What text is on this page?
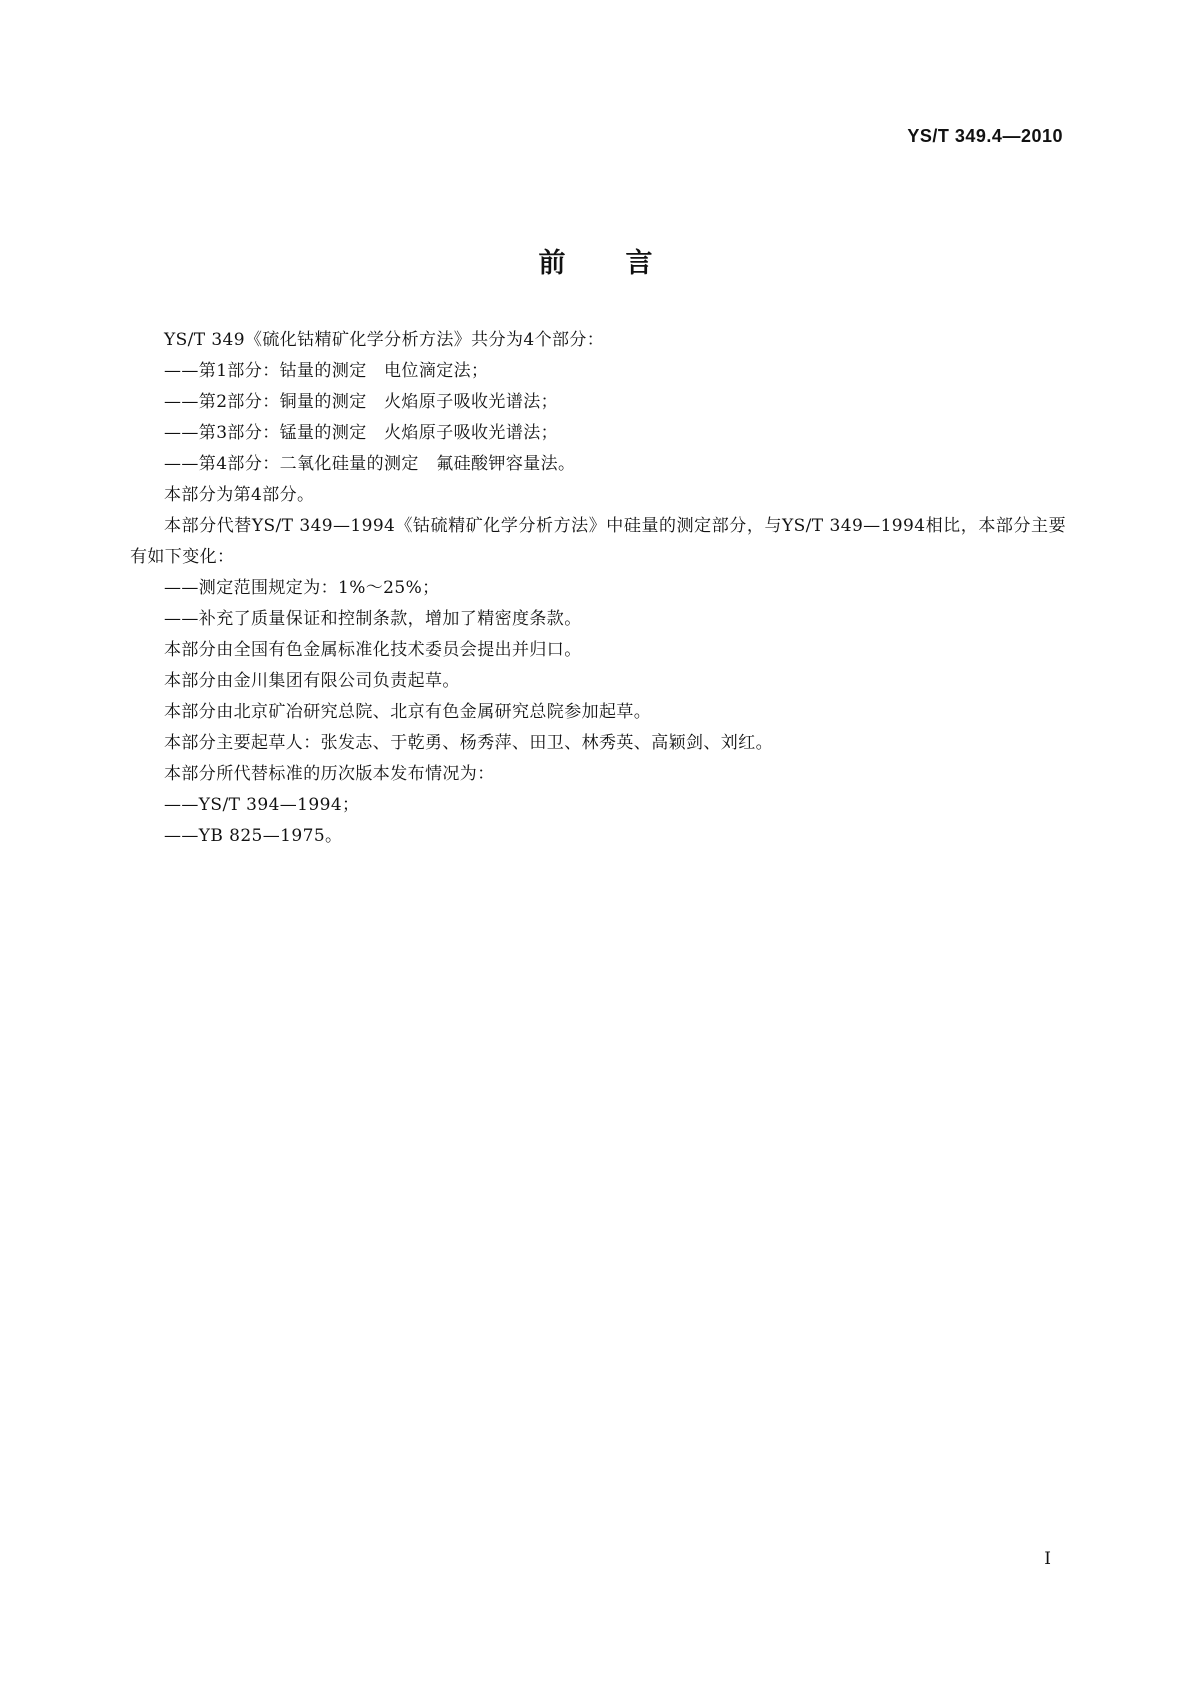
YS/T 349.4—2010
前言

YS/T 349《硫化钴精矿化学分析方法》共分为4个部分：

——第1部分：钴量的测定　电位滴定法；

——第2部分：铜量的测定　火焰原子吸收光谱法；

——第3部分：锰量的测定　火焰原子吸收光谱法；

——第4部分：二氧化硅量的测定　氟硅酸钾容量法。

本部分为第4部分。

本部分代替YS/T 349—1994《钴硫精矿化学分析方法》中硅量的测定部分，与YS/T 349—1994相比，本部分主要有如下变化：

——测定范围规定为：1%～25%；

——补充了质量保证和控制条款，增加了精密度条款。

本部分由全国有色金属标准化技术委员会提出并归口。

本部分由金川集团有限公司负责起草。

本部分由北京矿冶研究总院、北京有色金属研究总院参加起草。

本部分主要起草人：张发志、于乾勇、杨秀萍、田卫、林秀英、高颖剑、刘红。

本部分所代替标准的历次版本发布情况为：

——YS/T 394—1994；

——YB 825—1975。

I
